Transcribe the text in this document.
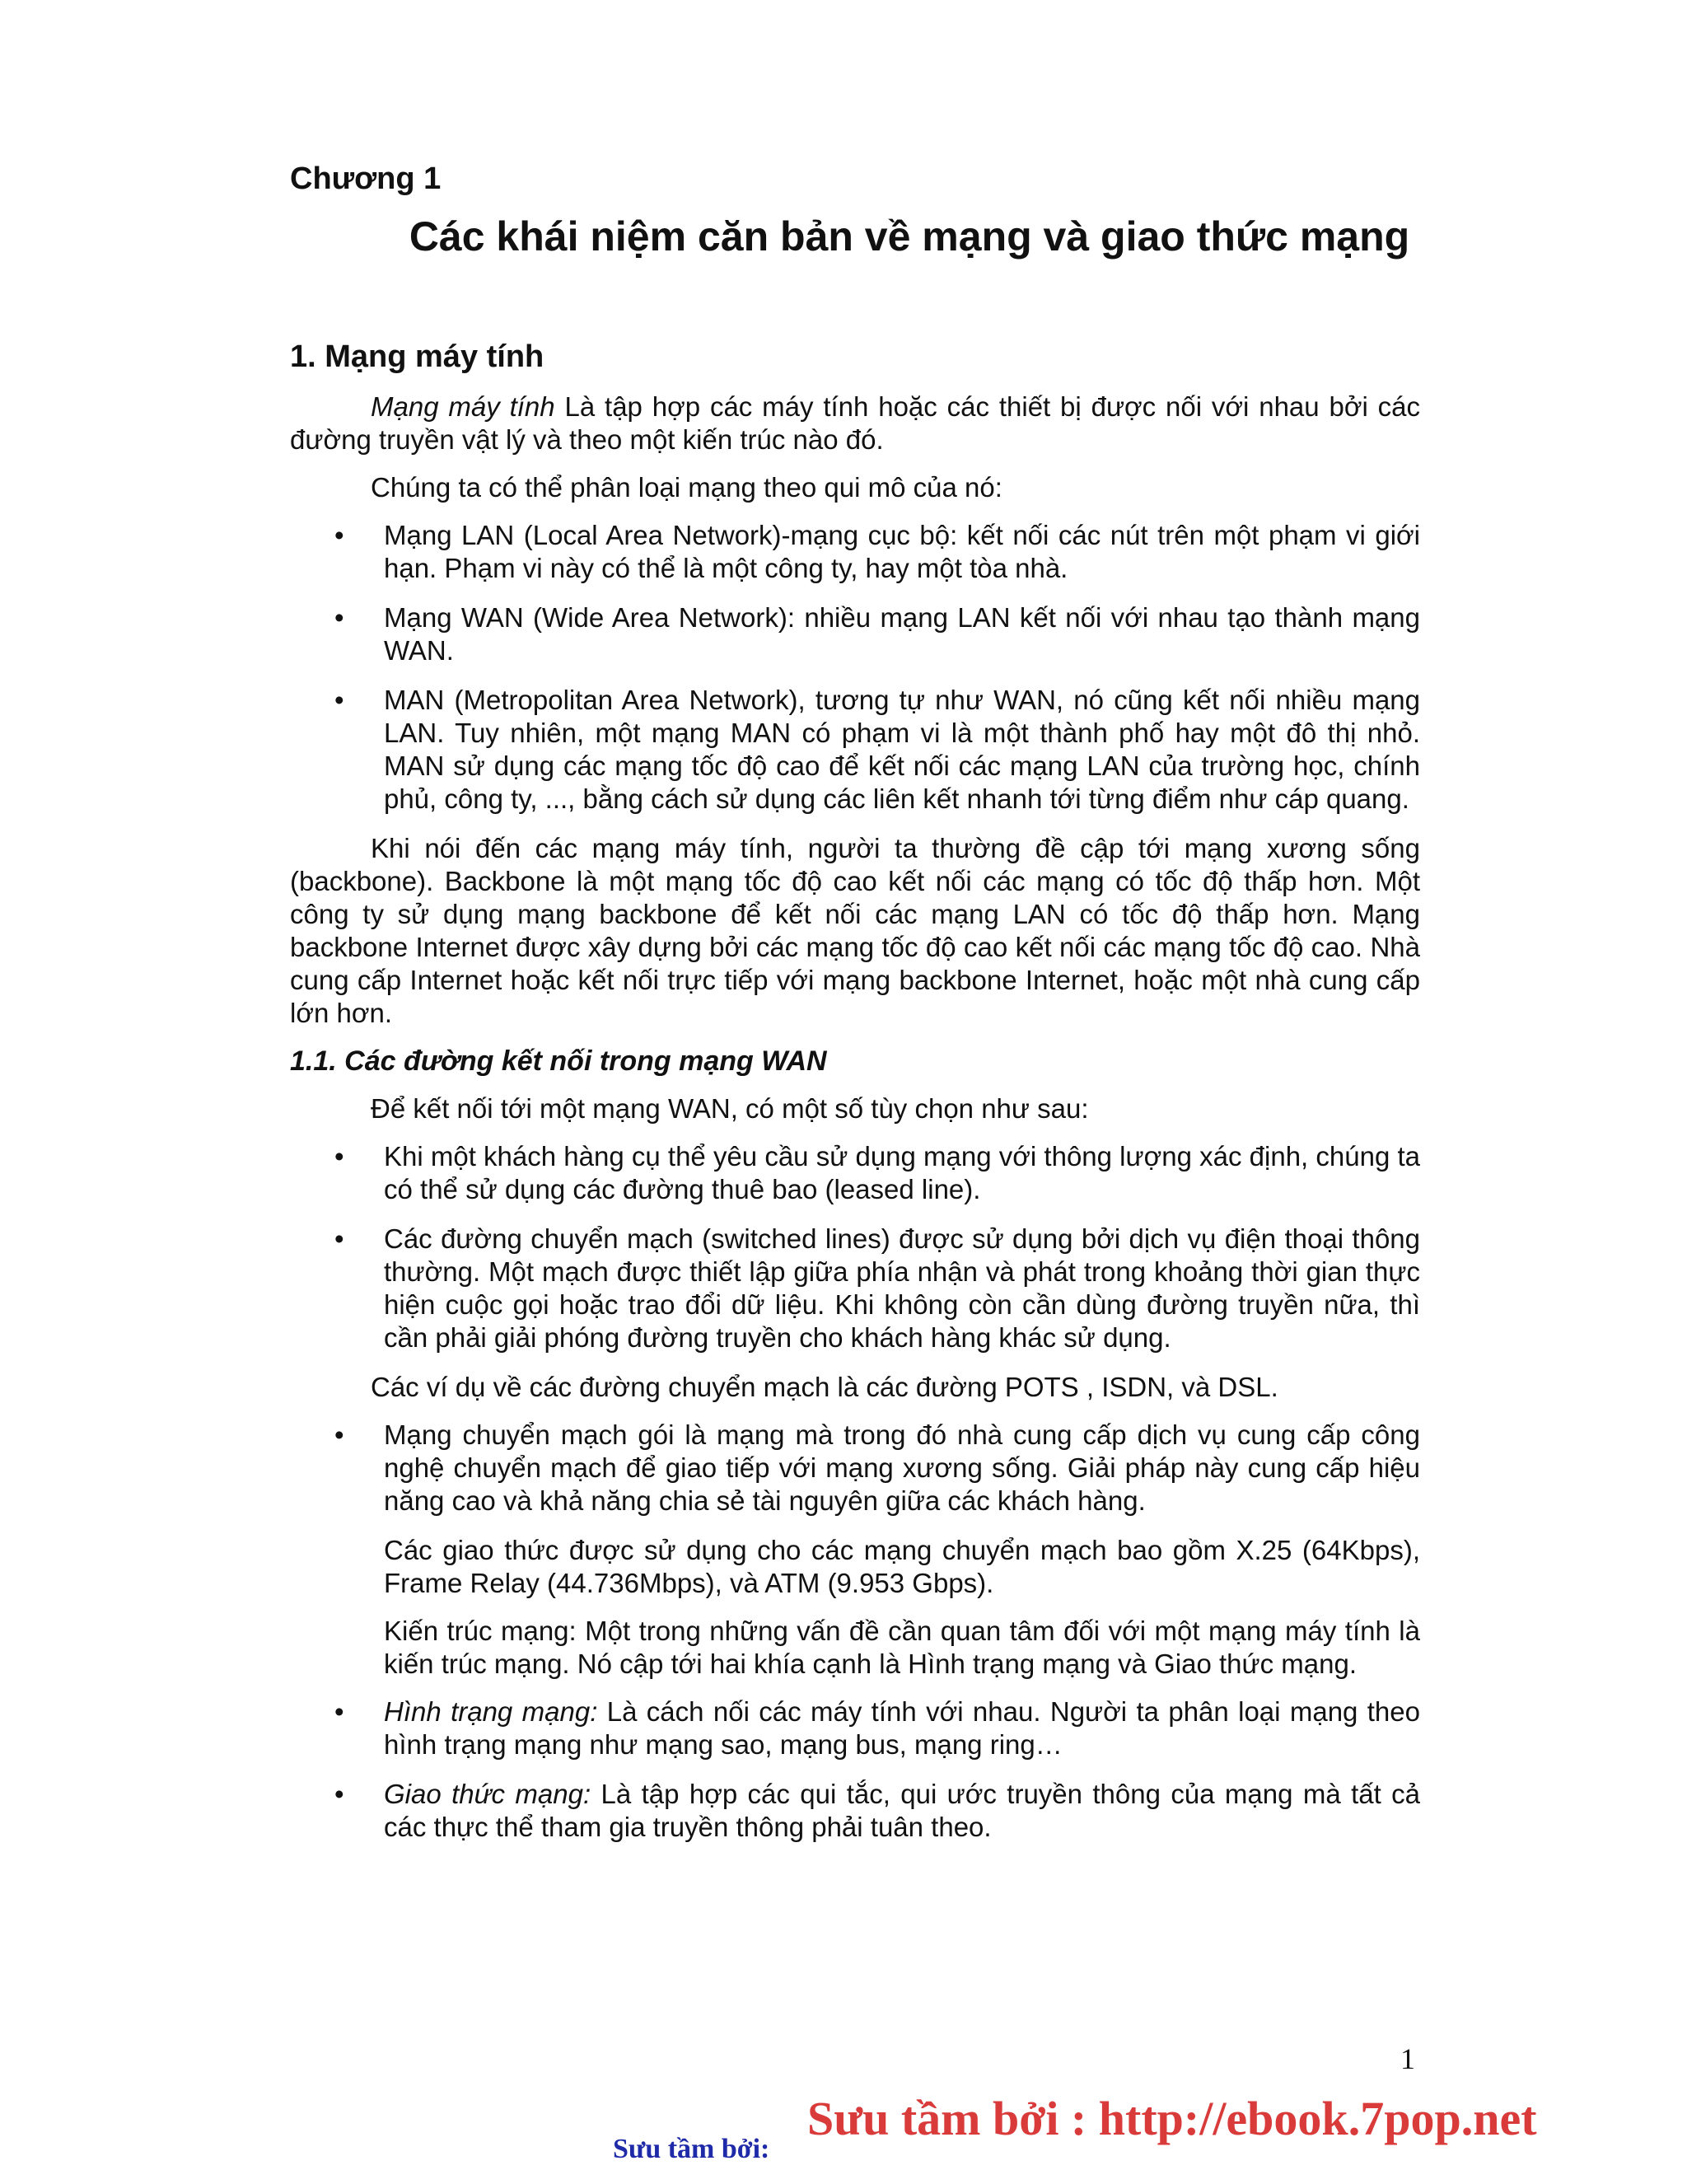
Chương 1
Các khái niệm căn bản về mạng và giao thức mạng
1. Mạng máy tính

Mạng máy tính Là tập hợp các máy tính hoặc các thiết bị được nối với nhau bởi các đường truyền vật lý và theo một kiến trúc nào đó.

Chúng ta có thể phân loại mạng theo qui mô của nó:

• Mạng LAN (Local Area Network)-mạng cục bộ: kết nối các nút trên một phạm vi giới hạn. Phạm vi này có thể là một công ty, hay một tòa nhà.
• Mạng WAN (Wide Area Network): nhiều mạng LAN kết nối với nhau tạo thành mạng WAN.
• MAN (Metropolitan Area Network), tương tự như WAN, nó cũng kết nối nhiều mạng LAN. Tuy nhiên, một mạng MAN có phạm vi là một thành phố hay một đô thị nhỏ. MAN sử dụng các mạng tốc độ cao để kết nối các mạng LAN của trường học, chính phủ, công ty, ..., bằng cách sử dụng các liên kết nhanh tới từng điểm như cáp quang.

Khi nói đến các mạng máy tính, người ta thường đề cập tới mạng xương sống (backbone). Backbone là một mạng tốc độ cao kết nối các mạng có tốc độ thấp hơn. Một công ty sử dụng mạng backbone để kết nối các mạng LAN có tốc độ thấp hơn. Mạng backbone Internet được xây dựng bởi các mạng tốc độ cao kết nối các mạng tốc độ cao. Nhà cung cấp Internet hoặc kết nối trực tiếp với mạng backbone Internet, hoặc một nhà cung cấp lớn hơn.

1.1. Các đường kết nối trong mạng WAN

Để kết nối tới một mạng WAN, có một số tùy chọn như sau:

• Khi một khách hàng cụ thể yêu cầu sử dụng mạng với thông lượng xác định, chúng ta có thể sử dụng các đường thuê bao (leased line).
• Các đường chuyển mạch (switched lines) được sử dụng bởi dịch vụ điện thoại thông thường. Một mạch được thiết lập giữa phía nhận và phát trong khoảng thời gian thực hiện cuộc gọi hoặc trao đổi dữ liệu. Khi không còn cần dùng đường truyền nữa, thì cần phải giải phóng đường truyền cho khách hàng khác sử dụng.

Các ví dụ về các đường chuyển mạch là các đường POTS , ISDN, và DSL.

• Mạng chuyển mạch gói là mạng mà trong đó nhà cung cấp dịch vụ cung cấp công nghệ chuyển mạch để giao tiếp với mạng xương sống. Giải pháp này cung cấp hiệu năng cao và khả năng chia sẻ tài nguyên giữa các khách hàng.

Các giao thức được sử dụng cho các mạng chuyển mạch bao gồm X.25 (64Kbps), Frame Relay (44.736Mbps), và ATM (9.953 Gbps).

Kiến trúc mạng: Một trong những vấn đề cần quan tâm đối với một mạng máy tính là kiến trúc mạng. Nó cập tới hai khía cạnh là Hình trạng mạng và Giao thức mạng.

• Hình trạng mạng: Là cách nối các máy tính với nhau. Người ta phân loại mạng theo hình trạng mạng như mạng sao, mạng bus, mạng ring…
• Giao thức mạng: Là tập hợp các qui tắc, qui ước truyền thông của mạng mà tất cả các thực thể tham gia truyền thông phải tuân theo.
1
Sưu tầm bởi : http://ebook.7pop.net
Sưu tầm bởi:
